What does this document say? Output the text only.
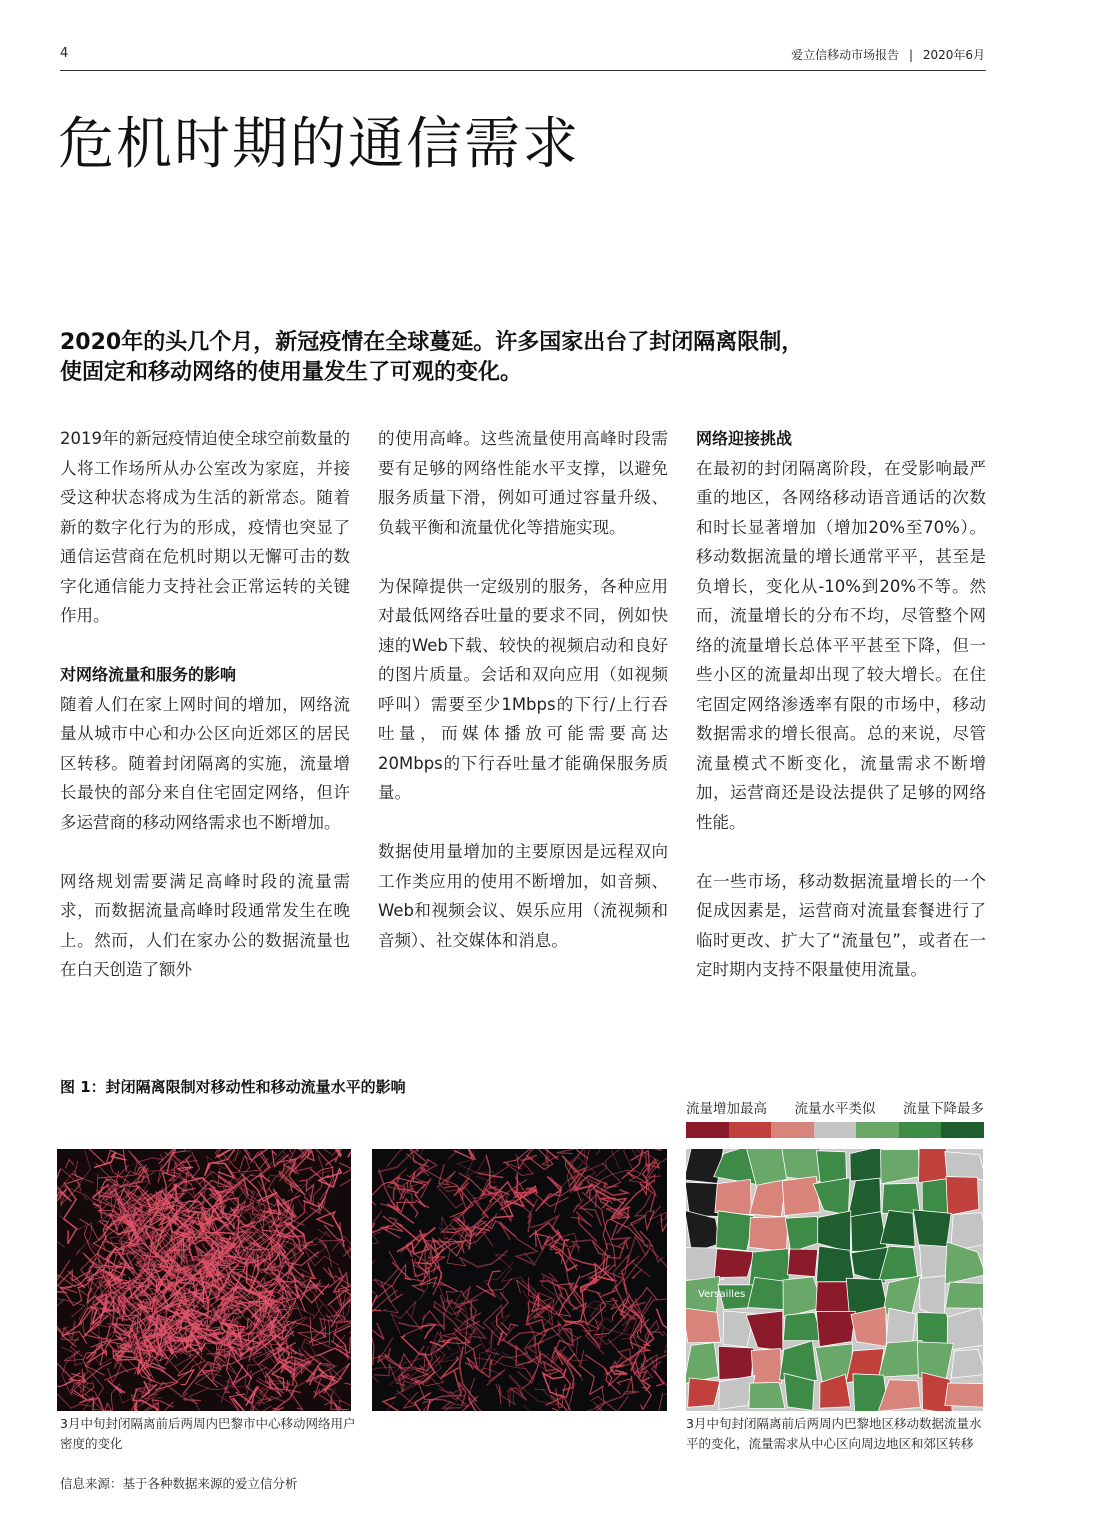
4	爱立信移动市场报告 | 2020年6月
危机时期的通信需求
2020年的头几个月，新冠疫情在全球蔓延。许多国家出台了封闭隔离限制，使固定和移动网络的使用量发生了可观的变化。

2019年的新冠疫情迫使全球空前数量的人将工作场所从办公室改为家庭，并接受这种状态将成为生活的新常态。随着新的数字化行为的形成，疫情也突显了通信运营商在危机时期以无懈可击的数字化通信能力支持社会正常运转的关键作用。

对网络流量和服务的影响

随着人们在家上网时间的增加，网络流量从城市中心和办公区向近郊区的居民区转移。随着封闭隔离的实施，流量增长最快的部分来自住宅固定网络，但许多运营商的移动网络需求也不断增加。

网络规划需要满足高峰时段的流量需求，而数据流量高峰时段通常发生在晚上。然而，人们在家办公的数据流量也在白天创造了额外

的使用高峰。这些流量使用高峰时段需要有足够的网络性能水平支撑，以避免服务质量下滑，例如可通过容量升级、负载平衡和流量优化等措施实现。

为保障提供一定级别的服务，各种应用对最低网络吞吐量的要求不同，例如快速的Web下载、较快的视频启动和良好的图片质量。会话和双向应用（如视频呼叫）需要至少1Mbps的下行/上行吞吐量，而媒体播放可能需要高达20Mbps的下行吞吐量才能确保服务质量。

数据使用量增加的主要原因是远程双向工作类应用的使用不断增加，如音频、Web和视频会议、娱乐应用（流视频和音频）、社交媒体和消息。

网络迎接挑战

在最初的封闭隔离阶段，在受影响最严重的地区，各网络移动语音通话的次数和时长显著增加（增加20%至70%）。移动数据流量的增长通常平平，甚至是负增长，变化从-10%到20%不等。然而，流量增长的分布不均，尽管整个网络的流量增长总体平平甚至下降，但一些小区的流量却出现了较大增长。在住宅固定网络渗透率有限的市场中，移动数据需求的增长很高。总的来说，尽管流量模式不断变化，流量需求不断增加，运营商还是设法提供了足够的网络性能。

在一些市场，移动数据流量增长的一个促成因素是，运营商对流量套餐进行了临时更改、扩大了“流量包”，或者在一定时期内支持不限量使用流量。

图 1：封闭隔离限制对移动性和移动流量水平的影响
流量增加最高 流量水平类似 流量下降最多
Versailles
3月中旬封闭隔离前后两周内巴黎市中心移动网络用户密度的变化
3月中旬封闭隔离前后两周内巴黎地区移动数据流量水平的变化，流量需求从中心区向周边地区和郊区转移
信息来源：基于各种数据来源的爱立信分析
